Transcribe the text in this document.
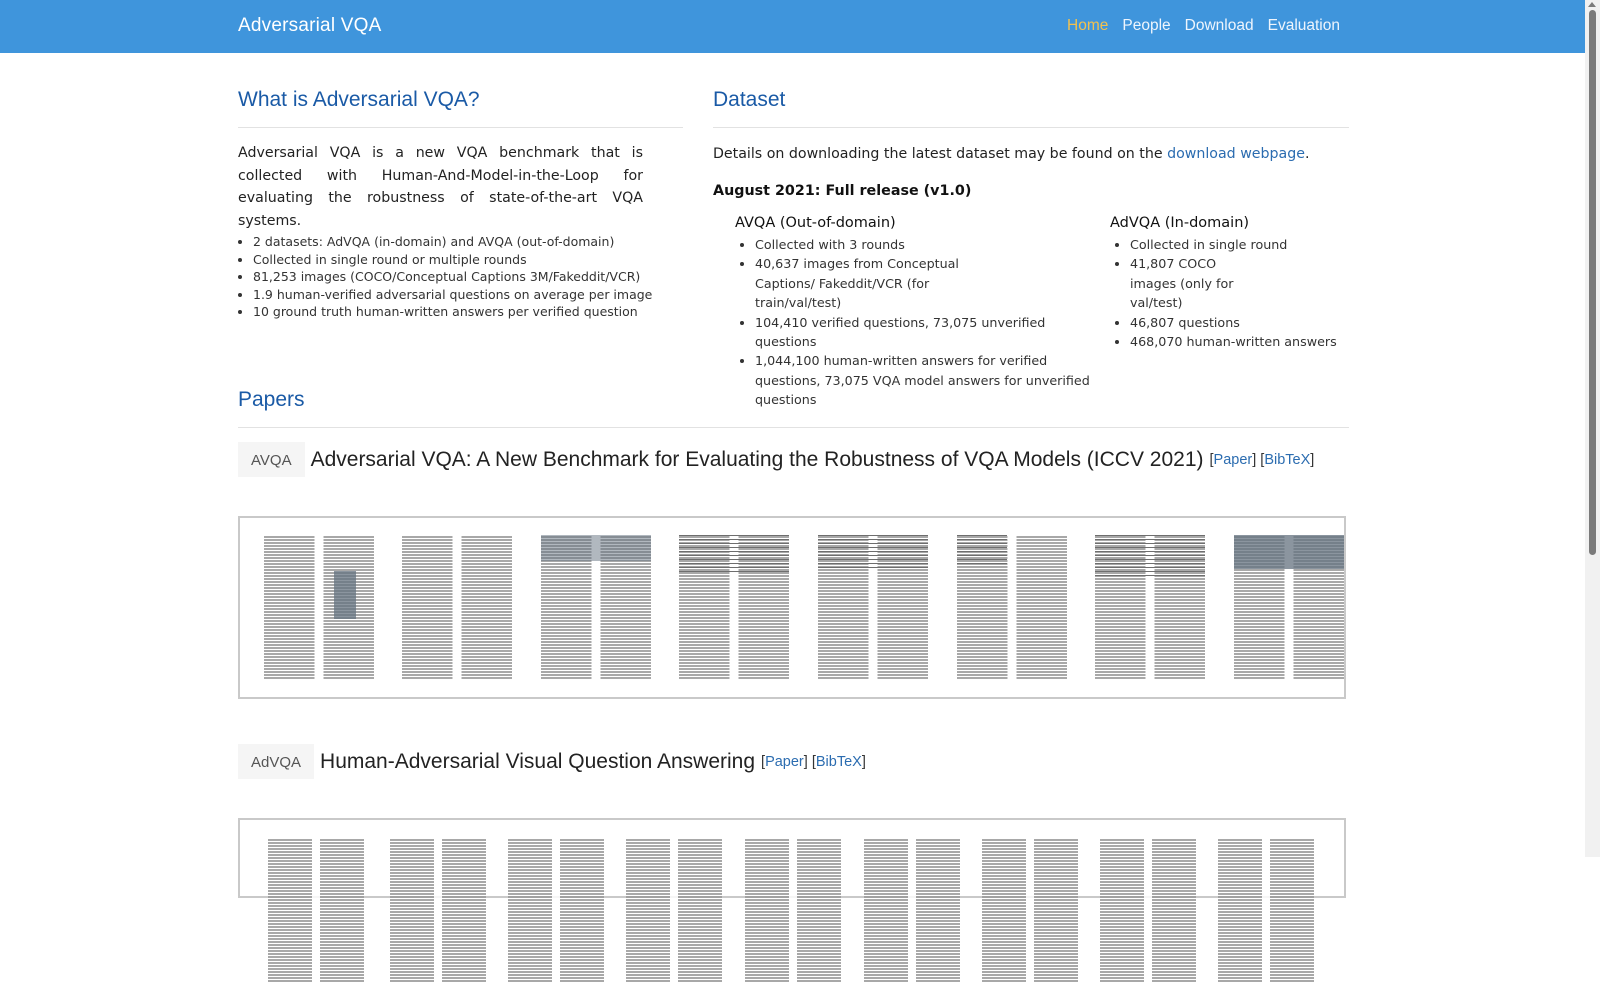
Adversarial VQA	Home People Download Evaluation
What is Adversarial VQA?

Adversarial VQA is a new VQA benchmark that is collected with Human-And-Model-in-the-Loop for evaluating the robustness of state-of-the-art VQA systems.

• 2 datasets: AdVQA (in-domain) and AVQA (out-of-domain)
• Collected in single round or multiple rounds
• 81,253 images (COCO/Conceptual Captions 3M/Fakeddit/VCR)
• 1.9 human-verified adversarial questions on average per image
• 10 ground truth human-written answers per verified question
Dataset

Details on downloading the latest dataset may be found on the download webpage.

August 2021: Full release (v1.0)

AVQA (Out-of-domain)

• Collected with 3 rounds
• 40,637 images from Conceptual Captions/ Fakeddit/VCR (for train/val/test)
• 104,410 verified questions, 73,075 unverified questions
• 1,044,100 human-written answers for verified questions, 73,075 VQA model answers for unverified questions

AdVQA (In-domain)

• Collected in single round
• 41,807 COCO images (only for val/test)
• 46,807 questions
• 468,070 human-written answers
Papers
AVQA Adversarial VQA: A New Benchmark for Evaluating the Robustness of VQA Models (ICCV 2021) [Paper] [BibTeX]
AdVQA Human-Adversarial Visual Question Answering [Paper] [BibTeX]
